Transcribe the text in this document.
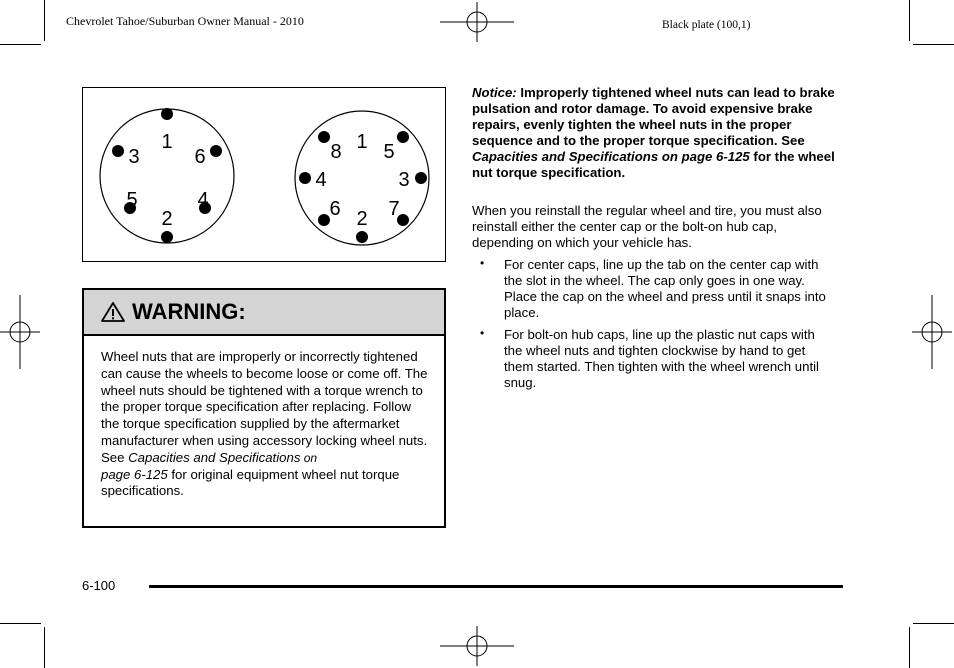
Chevrolet Tahoe/Suburban Owner Manual - 2010	Black plate (100,1)
1
6
4
2
5
3
1 5
3
7
2
6
4
8
WARNING:
Wheel nuts that are improperly or incorrectly tightened can cause the wheels to become loose or come off. The wheel nuts should be tightened with a torque wrench to the proper torque specification after replacing. Follow the torque specification supplied by the aftermarket manufacturer when using accessory locking wheel nuts. See Capacities and Specifications on
page 6-125 for original equipment wheel nut torque specifications.
Notice: Improperly tightened wheel nuts can lead to brake pulsation and rotor damage. To avoid expensive brake repairs, evenly tighten the wheel nuts in the proper sequence and to the proper torque specification. See Capacities and Specifications on page 6-125 for the wheel nut torque specification.
When you reinstall the regular wheel and tire, you must also reinstall either the center cap or the bolt-on hub cap, depending on which your vehicle has.
• For center caps, line up the tab on the center cap with the slot in the wheel. The cap only goes in one way. Place the cap on the wheel and press until it snaps into place.
• For bolt-on hub caps, line up the plastic nut caps with the wheel nuts and tighten clockwise by hand to get them started. Then tighten with the wheel wrench until snug.
6-100
